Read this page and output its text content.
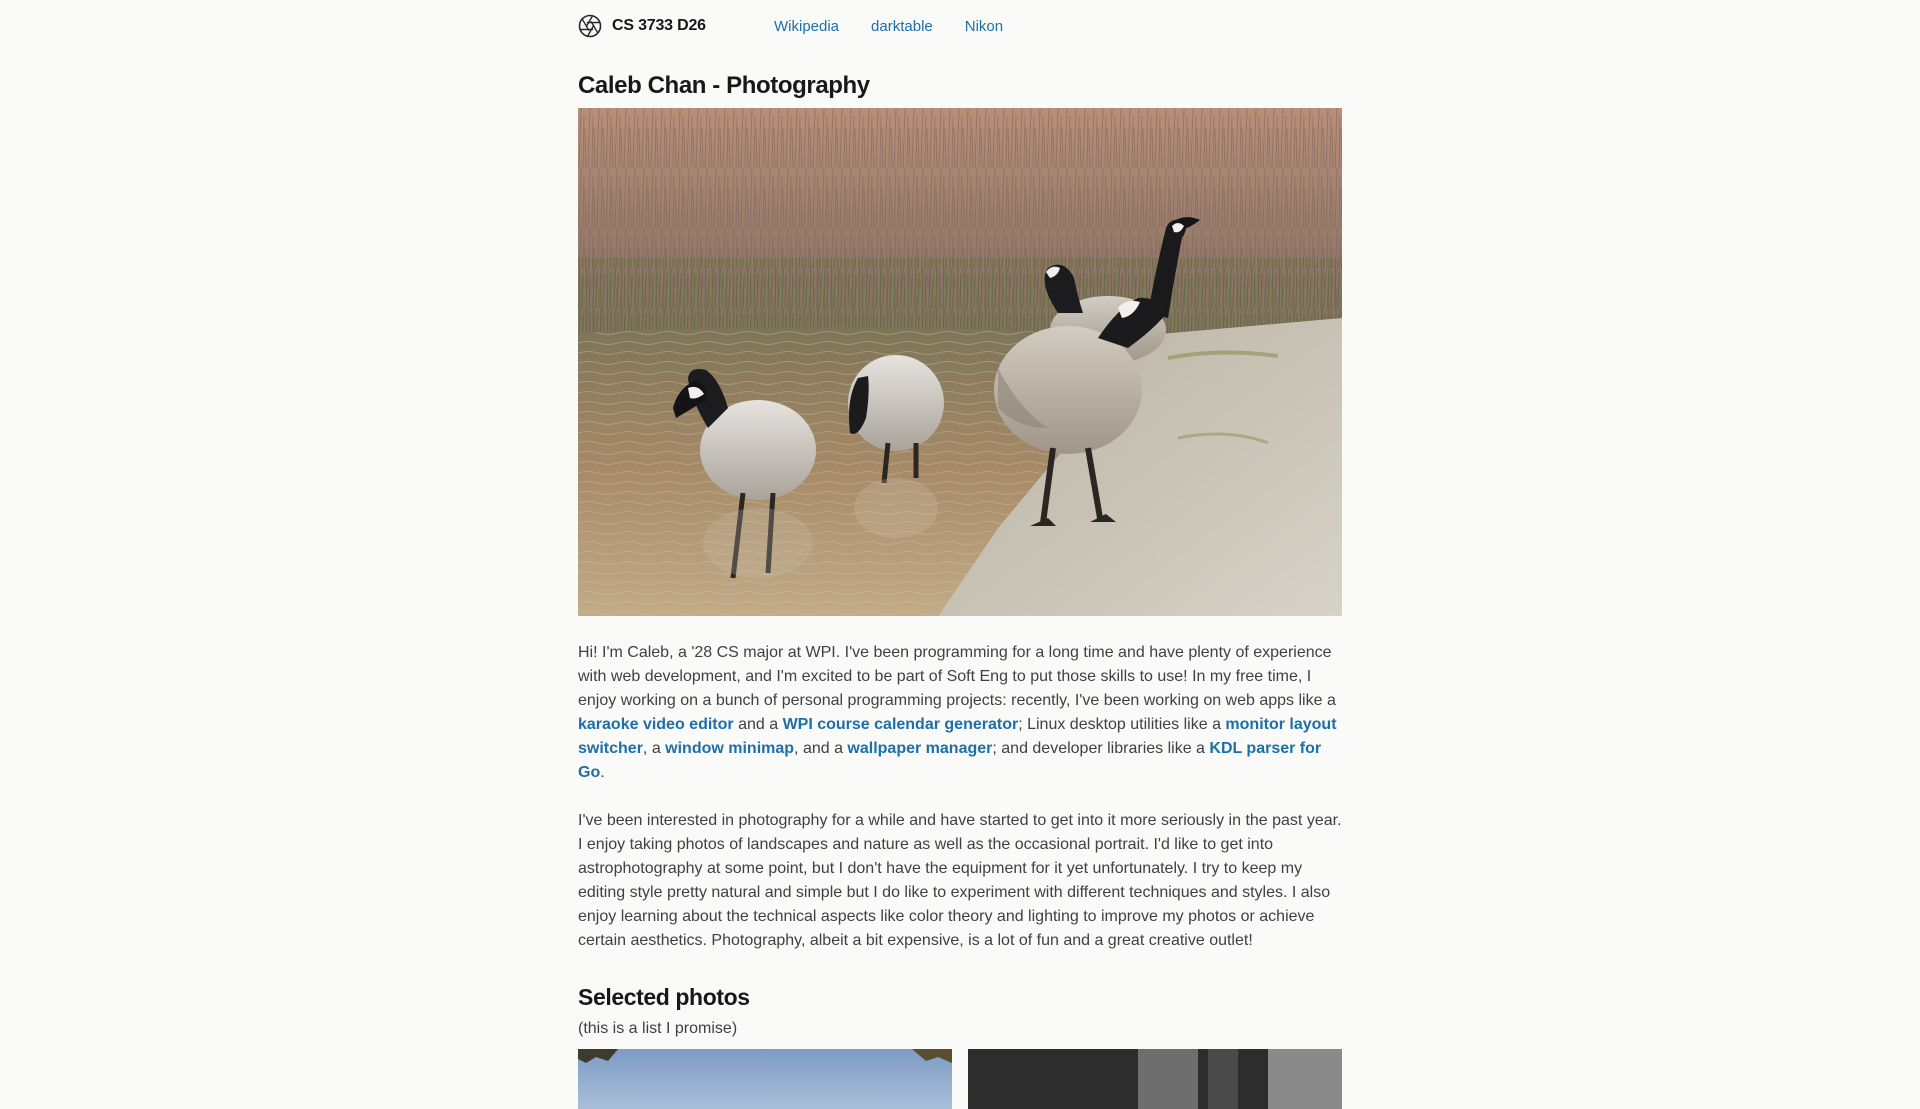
CS 3733 D26	Wikipedia darktable Nikon
Caleb Chan - Photography

Hi! I'm Caleb, a '28 CS major at WPI. I've been programming for a long time and have plenty of experience with web development, and I'm excited to be part of Soft Eng to put those skills to use! In my free time, I enjoy working on a bunch of personal programming projects: recently, I've been working on web apps like a karaoke video editor and a WPI course calendar generator; Linux desktop utilities like a monitor layout switcher, a window minimap, and a wallpaper manager; and developer libraries like a KDL parser for Go.

I've been interested in photography for a while and have started to get into it more seriously in the past year. I enjoy taking photos of landscapes and nature as well as the occasional portrait. I'd like to get into astrophotography at some point, but I don't have the equipment for it yet unfortunately. I try to keep my editing style pretty natural and simple but I do like to experiment with different techniques and styles. I also enjoy learning about the technical aspects like color theory and lighting to improve my photos or achieve certain aesthetics. Photography, albeit a bit expensive, is a lot of fun and a great creative outlet!

Selected photos
(this is a list I promise)
